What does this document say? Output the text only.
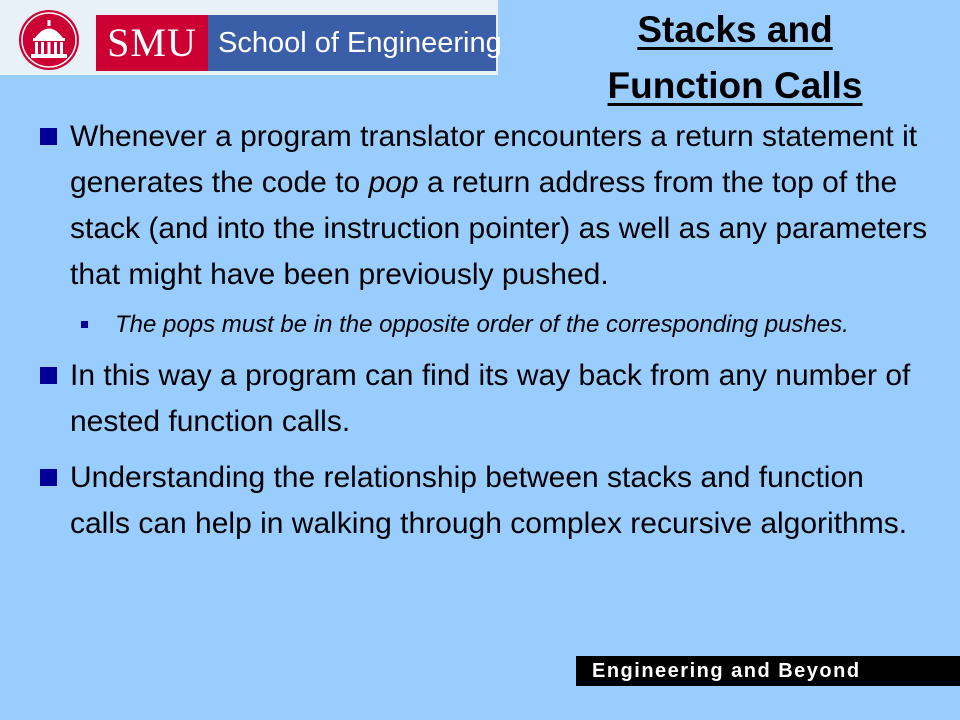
SMU School of Engineering	Stacks and
Function Calls
Whenever a program translator encounters a return statement it generates the code to pop a return address from the top of the stack (and into the instruction pointer) as well as any parameters that might have been previously pushed.
The pops must be in the opposite order of the corresponding pushes.
In this way a program can find its way back from any number of nested function calls.
Understanding the relationship between stacks and function calls can help in walking through complex recursive algorithms.
Engineering and Beyond
